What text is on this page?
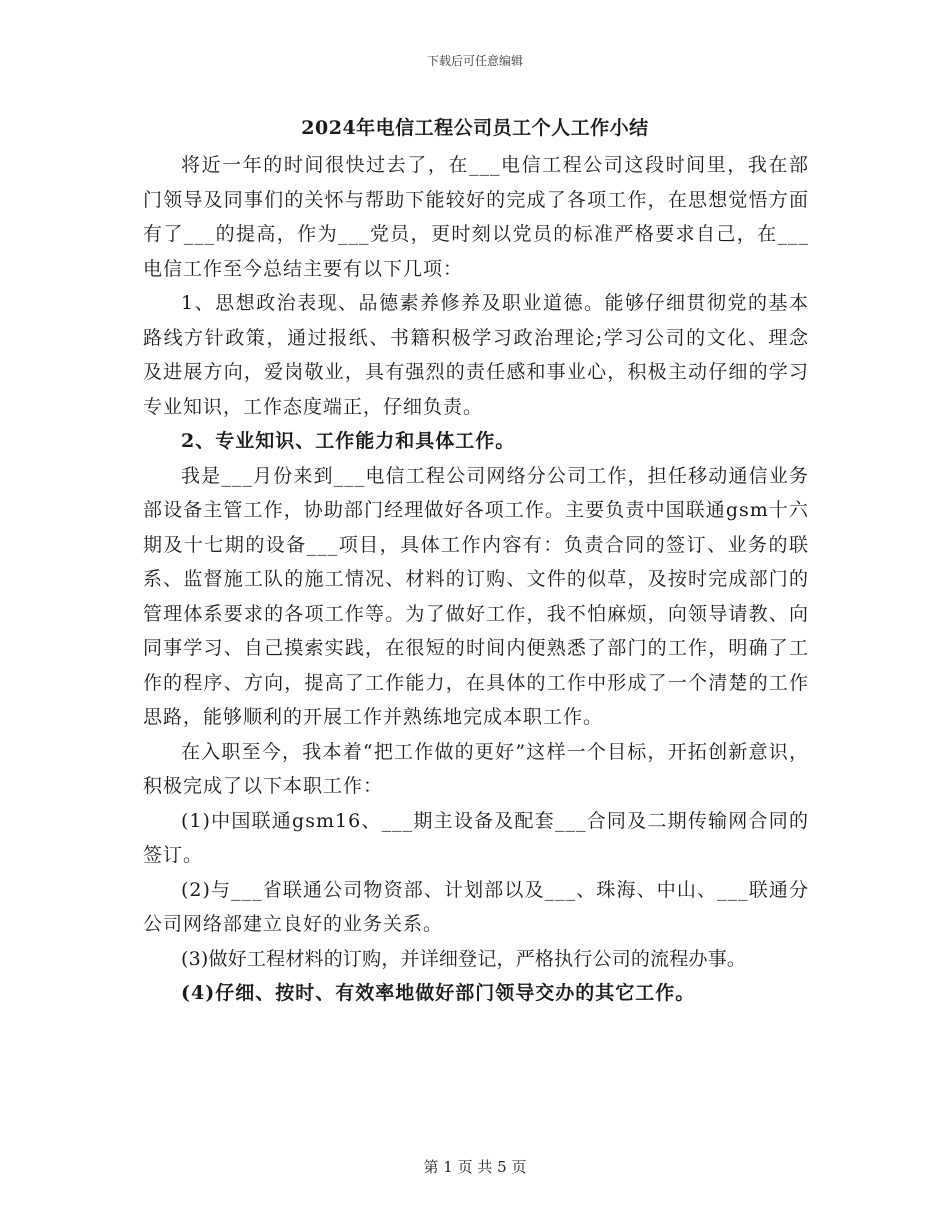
下载后可任意编辑
2024年电信工程公司员工个人工作小结

将近一年的时间很快过去了，在___电信工程公司这段时间里，我在部门领导及同事们的关怀与帮助下能较好的完成了各项工作，在思想觉悟方面有了___的提高，作为___党员，更时刻以党员的标准严格要求自己，在___电信工作至今总结主要有以下几项：

1、思想政治表现、品德素养修养及职业道德。能够仔细贯彻党的基本路线方针政策，通过报纸、书籍积极学习政治理论;学习公司的文化、理念及进展方向，爱岗敬业，具有强烈的责任感和事业心，积极主动仔细的学习专业知识，工作态度端正，仔细负责。

2、专业知识、工作能力和具体工作。

我是___月份来到___电信工程公司网络分公司工作，担任移动通信业务部设备主管工作，协助部门经理做好各项工作。主要负责中国联通gsm十六期及十七期的设备___项目，具体工作内容有：负责合同的签订、业务的联系、监督施工队的施工情况、材料的订购、文件的似草，及按时完成部门的管理体系要求的各项工作等。为了做好工作，我不怕麻烦，向领导请教、向同事学习、自己摸索实践，在很短的时间内便熟悉了部门的工作，明确了工作的程序、方向，提高了工作能力，在具体的工作中形成了一个清楚的工作思路，能够顺利的开展工作并熟练地完成本职工作。

在入职至今，我本着“把工作做的更好”这样一个目标，开拓创新意识，积极完成了以下本职工作：

(1)中国联通gsm16、___期主设备及配套___合同及二期传输网合同的签订。

(2)与___省联通公司物资部、计划部以及___、珠海、中山、___联通分公司网络部建立良好的业务关系。

(3)做好工程材料的订购，并详细登记，严格执行公司的流程办事。

(4)仔细、按时、有效率地做好部门领导交办的其它工作。

第 1 页 共 5 页
